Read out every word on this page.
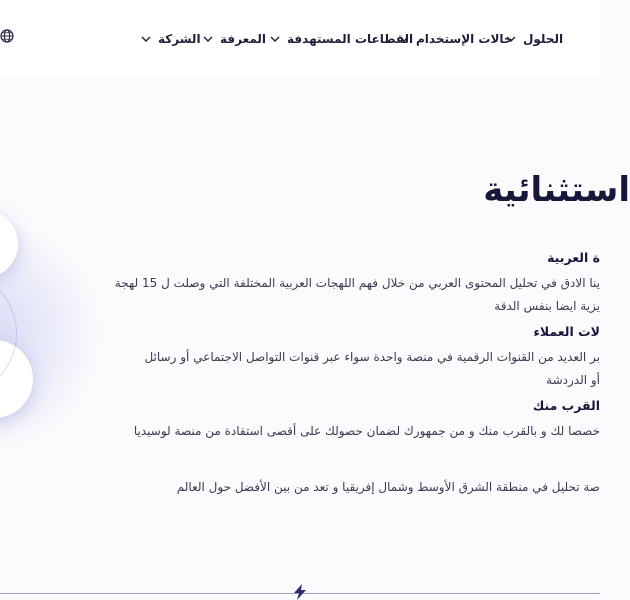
الحلول
حالات الإستخدام
القطاعات المستهدفة
المعرفة
الشركة
استثنائية
ة العربية
ينا الادق في تحليل المحتوى العربي من خلال فهم اللهجات العربية المختلفة التي وصلت ل 15 لهجة
يزية ايضا بنفس الدقة
لات العملاء
بر العديد من القنوات الرقمية في منصة واحدة سواء عبر قنوات التواصل الاجتماعي أو رسائل
أو الدردشة
القرب منك
خصصا لك و بالقرب منك و من جمهورك لضمان حصولك على أقصى استفادة من منصة لوسيديا
صة تحليل في منطقة الشرق الأوسط وشمال إفريقيا و تعد من بين الأفضل حول العالم
